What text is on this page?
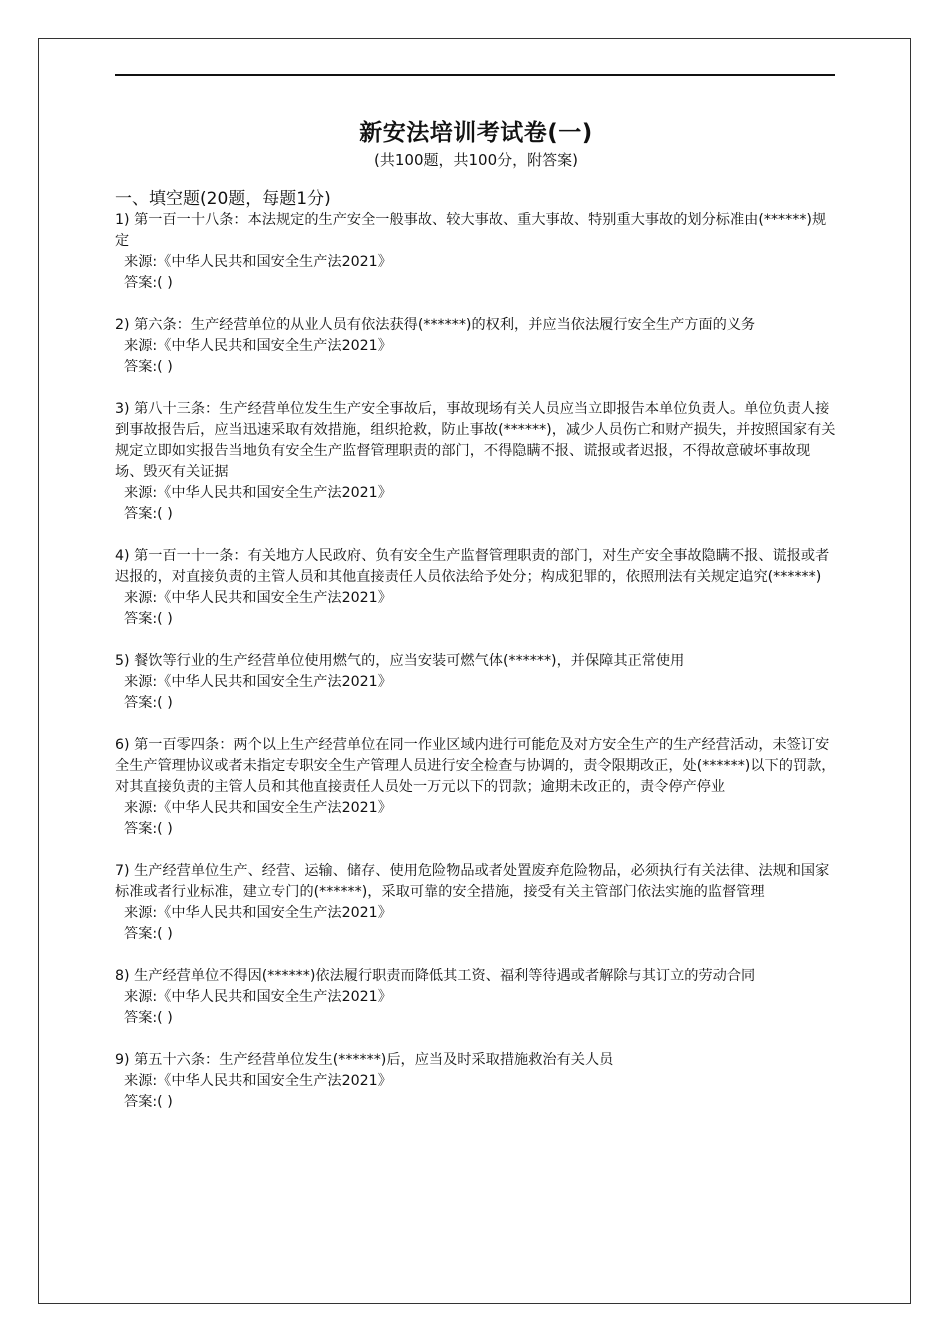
新安法培训考试卷(一)
(共100题，共100分，附答案)
一、填空题(20题，每题1分)
1) 第一百一十八条：本法规定的生产安全一般事故、较大事故、重大事故、特别重大事故的划分标准由(******)规定
来源:《中华人民共和国安全生产法2021》
答案:( )
2) 第六条：生产经营单位的从业人员有依法获得(******)的权利，并应当依法履行安全生产方面的义务
来源:《中华人民共和国安全生产法2021》
答案:( )
3) 第八十三条：生产经营单位发生生产安全事故后，事故现场有关人员应当立即报告本单位负责人。单位负责人接到事故报告后，应当迅速采取有效措施，组织抢救，防止事故(******)，减少人员伤亡和财产损失，并按照国家有关规定立即如实报告当地负有安全生产监督管理职责的部门，不得隐瞒不报、谎报或者迟报，不得故意破坏事故现场、毁灭有关证据
来源:《中华人民共和国安全生产法2021》
答案:( )
4) 第一百一十一条：有关地方人民政府、负有安全生产监督管理职责的部门，对生产安全事故隐瞒不报、谎报或者迟报的，对直接负责的主管人员和其他直接责任人员依法给予处分；构成犯罪的，依照刑法有关规定追究(******)
来源:《中华人民共和国安全生产法2021》
答案:( )
5) 餐饮等行业的生产经营单位使用燃气的，应当安装可燃气体(******)，并保障其正常使用
来源:《中华人民共和国安全生产法2021》
答案:( )
6) 第一百零四条：两个以上生产经营单位在同一作业区域内进行可能危及对方安全生产的生产经营活动，未签订安全生产管理协议或者未指定专职安全生产管理人员进行安全检查与协调的，责令限期改正，处(******)以下的罚款，对其直接负责的主管人员和其他直接责任人员处一万元以下的罚款；逾期未改正的，责令停产停业
来源:《中华人民共和国安全生产法2021》
答案:( )
7) 生产经营单位生产、经营、运输、储存、使用危险物品或者处置废弃危险物品，必须执行有关法律、法规和国家标准或者行业标准，建立专门的(******)，采取可靠的安全措施，接受有关主管部门依法实施的监督管理
来源:《中华人民共和国安全生产法2021》
答案:( )
8) 生产经营单位不得因(******)依法履行职责而降低其工资、福利等待遇或者解除与其订立的劳动合同
来源:《中华人民共和国安全生产法2021》
答案:( )
9) 第五十六条：生产经营单位发生(******)后，应当及时采取措施救治有关人员
来源:《中华人民共和国安全生产法2021》
答案:( )
